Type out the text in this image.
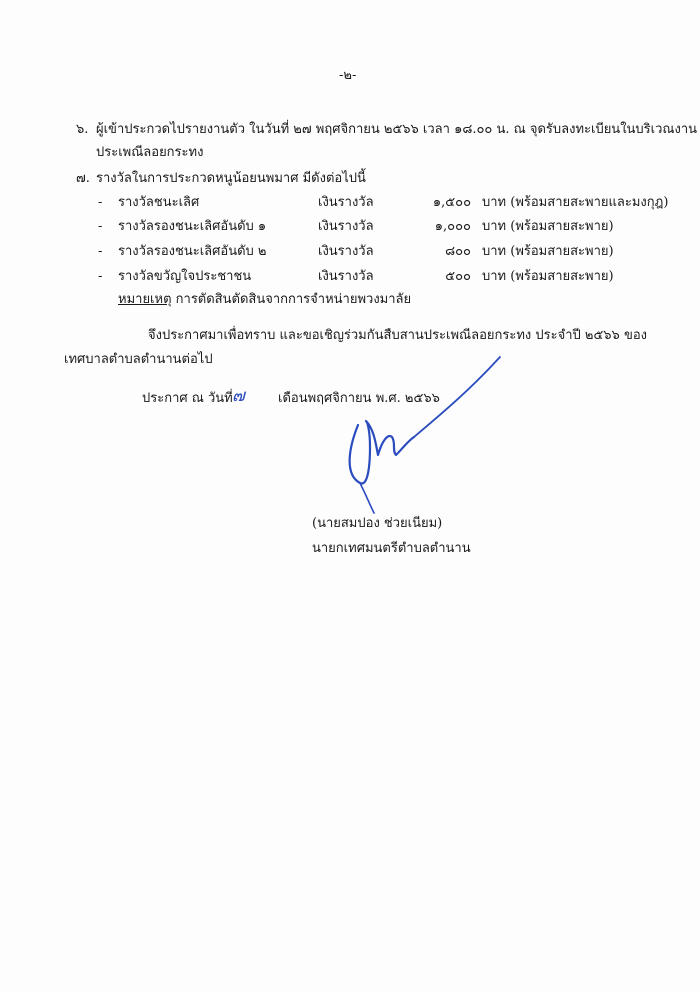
-๒-
๖. ผู้เข้าประกวดไปรายงานตัว ในวันที่ ๒๗ พฤศจิกายน ๒๕๖๖ เวลา ๑๘.๐๐ น. ณ จุดรับลงทะเบียนในบริเวณงาน
ประเพณีลอยกระทง
๗. รางวัลในการประกวดหนูน้อยนพมาศ มีดังต่อไปนี้
- รางวัลชนะเลิศ	เงินรางวัล	๑,๕๐๐ บาท (พร้อมสายสะพายและมงกุฎ)
- รางวัลรองชนะเลิศอันดับ ๑	เงินรางวัล	๑,๐๐๐ บาท (พร้อมสายสะพาย)
- รางวัลรองชนะเลิศอันดับ ๒	เงินรางวัล	๘๐๐ บาท (พร้อมสายสะพาย)
- รางวัลขวัญใจประชาชน	เงินรางวัล	๕๐๐ บาท (พร้อมสายสะพาย)
หมายเหตุ การตัดสินตัดสินจากการจำหน่ายพวงมาลัย
จึงประกาศมาเพื่อทราบ และขอเชิญร่วมกันสืบสานประเพณีลอยกระทง ประจำปี ๒๕๖๖ ของ
เทศบาลตำบลตำนานต่อไป
ประกาศ ณ วันที่ ๗	เดือนพฤศจิกายน พ.ศ. ๒๕๖๖
(นายสมปอง ช่วยเนียม)
นายกเทศมนตรีตำบลตำนาน
